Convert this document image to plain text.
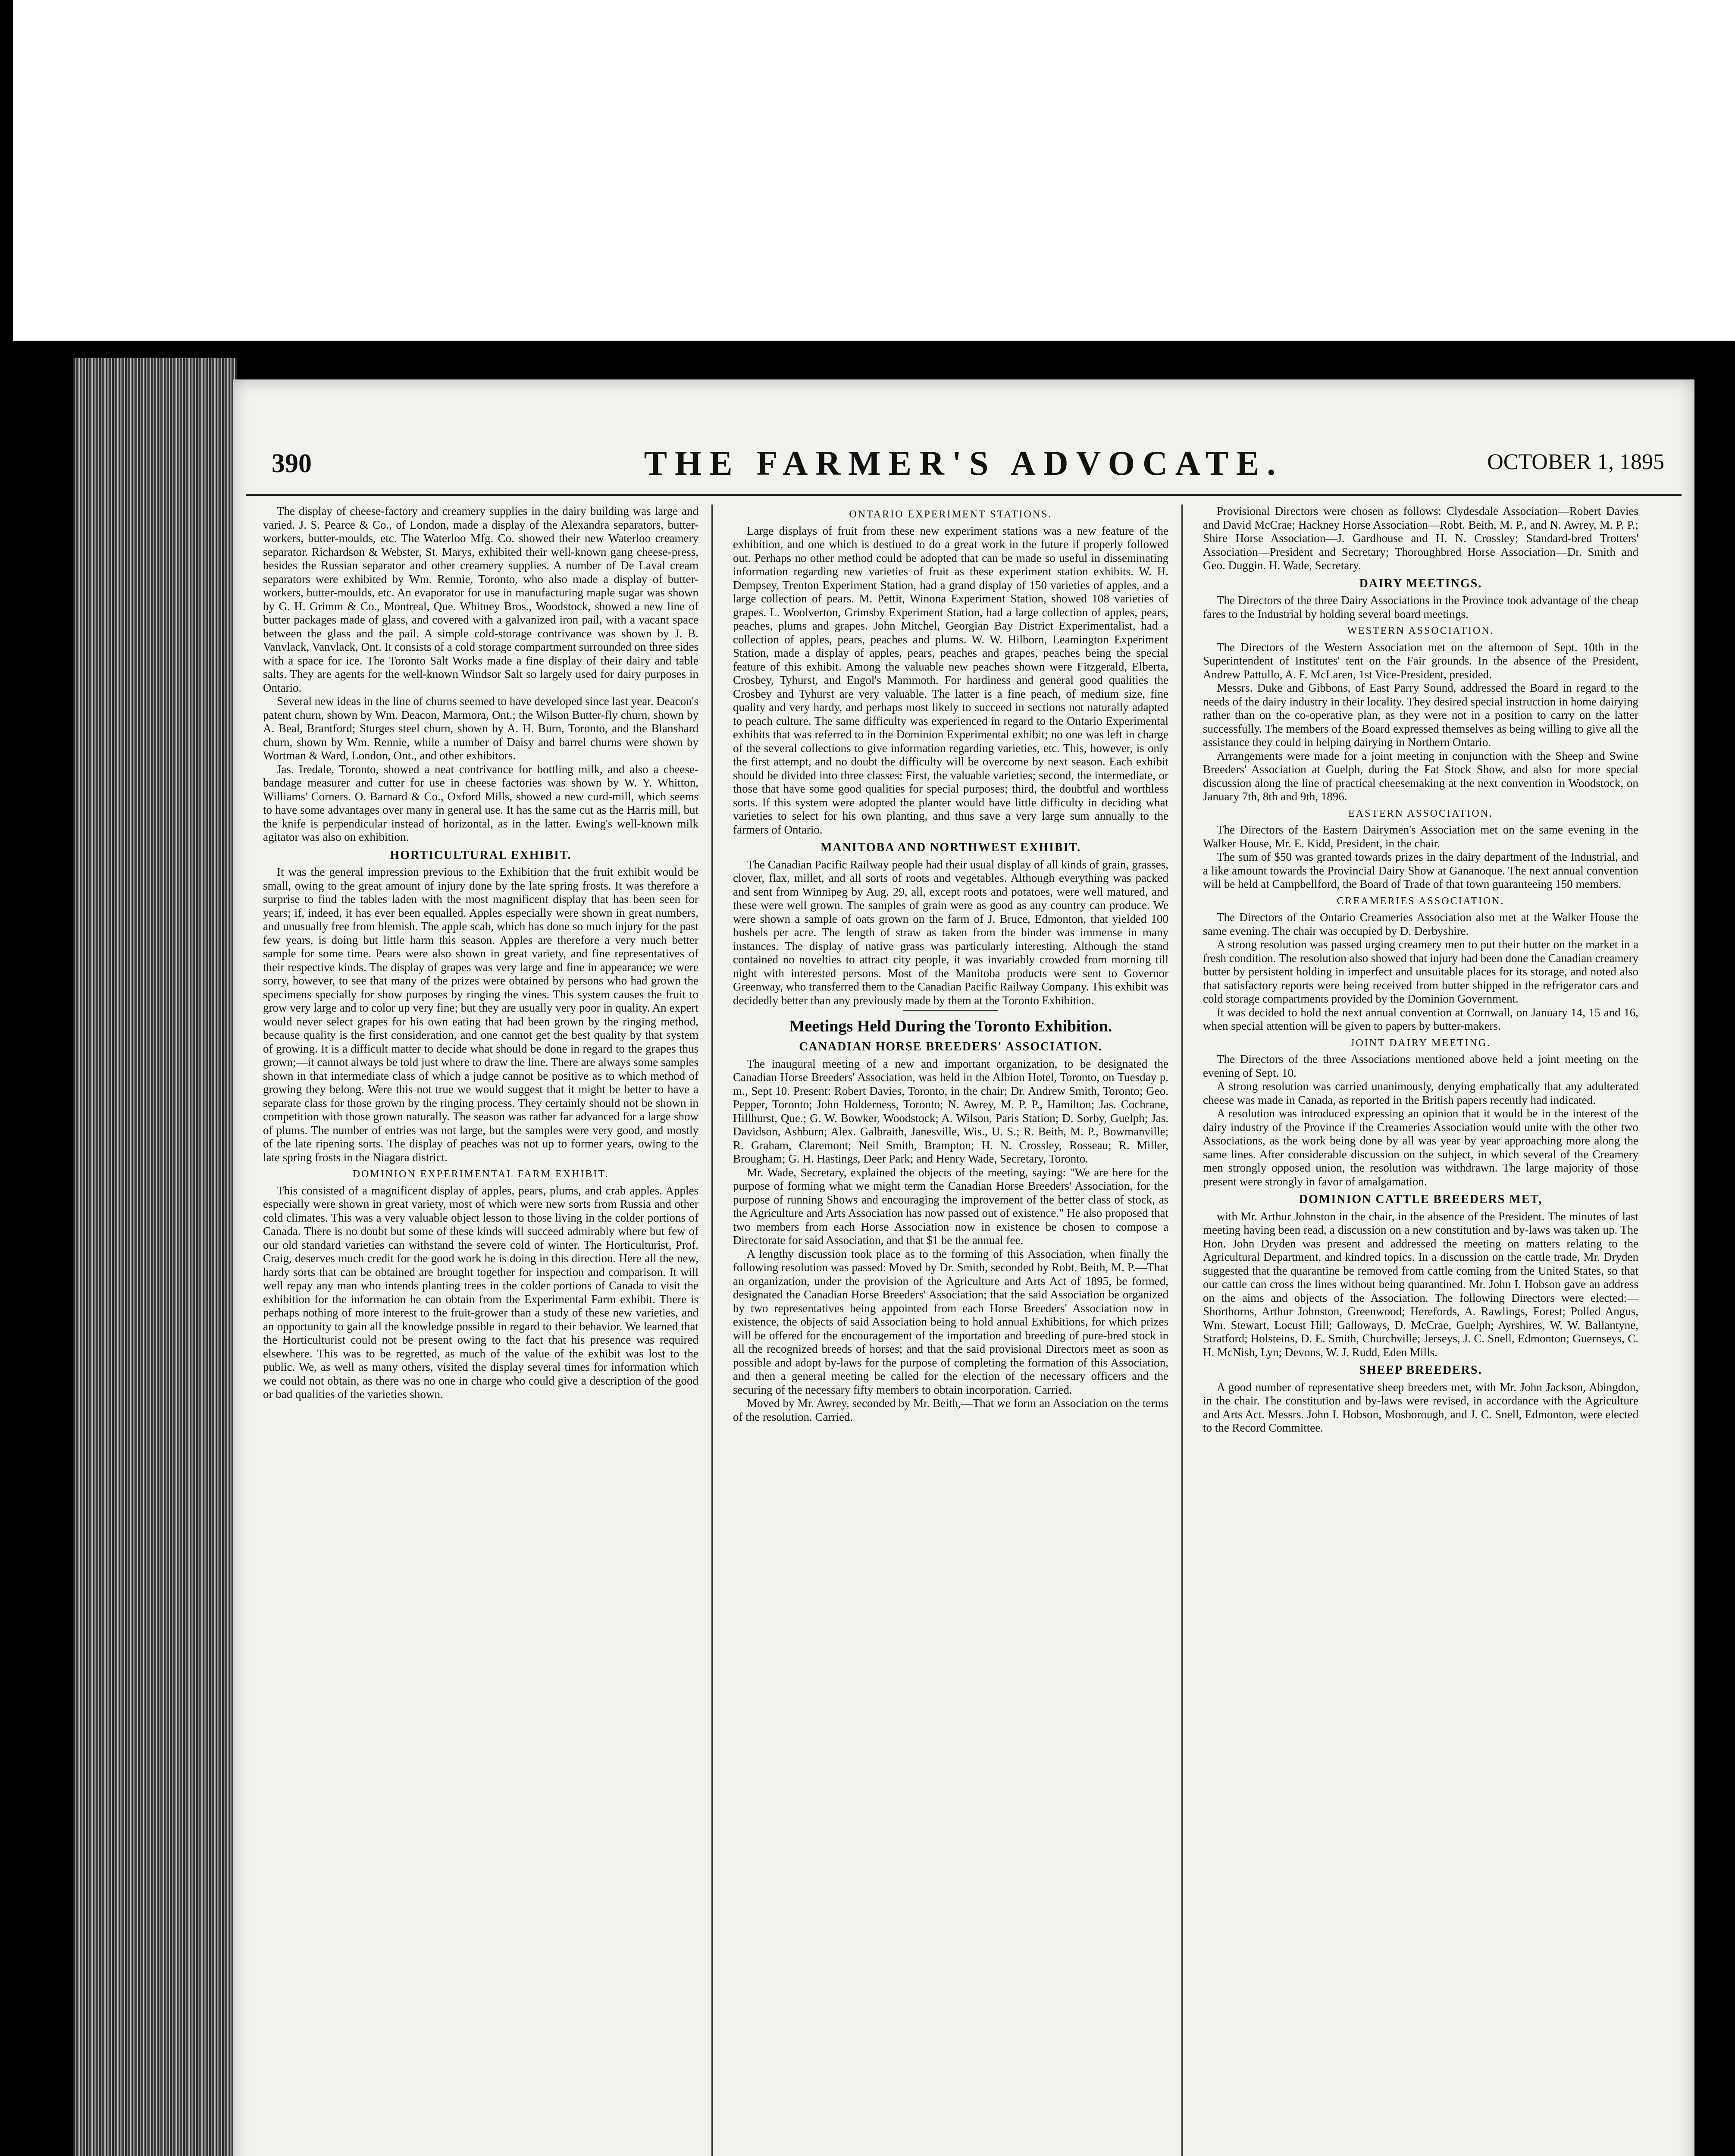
390	THE FARMER'S ADVOCATE.	OCTOBER 1, 1895

The display of cheese-factory and creamery supplies in the dairy building was large and varied. J. S. Pearce & Co., of London, made a display of the Alexandra separators, butter-workers, butter-moulds, etc. The Waterloo Mfg. Co. showed their new Waterloo creamery separator. Richardson & Webster, St. Marys, exhibited their well-known gang cheese-press, besides the Russian separator and other creamery supplies. A number of De Laval cream separators were exhibited by Wm. Rennie, Toronto, who also made a display of butter-workers, butter-moulds, etc. An evaporator for use in manufacturing maple sugar was shown by G. H. Grimm & Co., Montreal, Que. Whitney Bros., Woodstock, showed a new line of butter packages made of glass, and covered with a galvanized iron pail, with a vacant space between the glass and the pail. A simple cold-storage contrivance was shown by J. B. Vanvlack, Vanvlack, Ont. It consists of a cold storage compartment surrounded on three sides with a space for ice. The Toronto Salt Works made a fine display of their dairy and table salts. They are agents for the well-known Windsor Salt so largely used for dairy purposes in Ontario.

Several new ideas in the line of churns seemed to have developed since last year. Deacon's patent churn, shown by Wm. Deacon, Marmora, Ont.; the Wilson Butter-fly churn, shown by A. Beal, Brantford; Sturges steel churn, shown by A. H. Burn, Toronto, and the Blanshard churn, shown by Wm. Rennie, while a number of Daisy and barrel churns were shown by Wortman & Ward, London, Ont., and other exhibitors.

Jas. Iredale, Toronto, showed a neat contrivance for bottling milk, and also a cheese-bandage measurer and cutter for use in cheese factories was shown by W. Y. Whitton, Williams' Corners. O. Barnard & Co., Oxford Mills, showed a new curd-mill, which seems to have some advantages over many in general use. It has the same cut as the Harris mill, but the knife is perpendicular instead of horizontal, as in the latter. Ewing's well-known milk agitator was also on exhibition.

HORTICULTURAL EXHIBIT.

It was the general impression previous to the Exhibition that the fruit exhibit would be small, owing to the great amount of injury done by the late spring frosts. It was therefore a surprise to find the tables laden with the most magnificent display that has been seen for years; if, indeed, it has ever been equalled. Apples especially were shown in great numbers, and unusually free from blemish. The apple scab, which has done so much injury for the past few years, is doing but little harm this season. Apples are therefore a very much better sample for some time. Pears were also shown in great variety, and fine representatives of their respective kinds. The display of grapes was very large and fine in appearance; we were sorry, however, to see that many of the prizes were obtained by persons who had grown the specimens specially for show purposes by ringing the vines. This system causes the fruit to grow very large and to color up very fine; but they are usually very poor in quality. An expert would never select grapes for his own eating that had been grown by the ringing method, because quality is the first consideration, and one cannot get the best quality by that system of growing. It is a difficult matter to decide what should be done in regard to the grapes thus grown;—it cannot always be told just where to draw the line. There are always some samples shown in that intermediate class of which a judge cannot be positive as to which method of growing they belong. Were this not true we would suggest that it might be better to have a separate class for those grown by the ringing process. They certainly should not be shown in competition with those grown naturally. The season was rather far advanced for a large show of plums. The number of entries was not large, but the samples were very good, and mostly of the late ripening sorts. The display of peaches was not up to former years, owing to the late spring frosts in the Niagara district.

DOMINION EXPERIMENTAL FARM EXHIBIT.

This consisted of a magnificent display of apples, pears, plums, and crab apples. Apples especially were shown in great variety, most of which were new sorts from Russia and other cold climates. This was a very valuable object lesson to those living in the colder portions of Canada. There is no doubt but some of these kinds will succeed admirably where but few of our old standard varieties can withstand the severe cold of winter. The Horticulturist, Prof. Craig, deserves much credit for the good work he is doing in this direction. Here all the new, hardy sorts that can be obtained are brought together for inspection and comparison. It will well repay any man who intends planting trees in the colder portions of Canada to visit the exhibition for the information he can obtain from the Experimental Farm exhibit. There is perhaps nothing of more interest to the fruit-grower than a study of these new varieties, and an opportunity to gain all the knowledge possible in regard to their behavior. We learned that the Horticulturist could not be present owing to the fact that his presence was required elsewhere. This was to be regretted, as much of the value of the exhibit was lost to the public. We, as well as many others, visited the display several times for information which we could not obtain, as there was no one in charge who could give a description of the good or bad qualities of the varieties shown.

ONTARIO EXPERIMENT STATIONS.

Large displays of fruit from these new experiment stations was a new feature of the exhibition, and one which is destined to do a great work in the future if properly followed out. Perhaps no other method could be adopted that can be made so useful in disseminating information regarding new varieties of fruit as these experiment station exhibits. W. H. Dempsey, Trenton Experiment Station, had a grand display of 150 varieties of apples, and a large collection of pears. M. Pettit, Winona Experiment Station, showed 108 varieties of grapes. L. Woolverton, Grimsby Experiment Station, had a large collection of apples, pears, peaches, plums and grapes. John Mitchel, Georgian Bay District Experimentalist, had a collection of apples, pears, peaches and plums. W. W. Hilborn, Leamington Experiment Station, made a display of apples, pears, peaches and grapes, peaches being the special feature of this exhibit. Among the valuable new peaches shown were Fitzgerald, Elberta, Crosbey, Tyhurst, and Engol's Mammoth. For hardiness and general good qualities the Crosbey and Tyhurst are very valuable. The latter is a fine peach, of medium size, fine quality and very hardy, and perhaps most likely to succeed in sections not naturally adapted to peach culture. The same difficulty was experienced in regard to the Ontario Experimental exhibits that was referred to in the Dominion Experimental exhibit; no one was left in charge of the several collections to give information regarding varieties, etc. This, however, is only the first attempt, and no doubt the difficulty will be overcome by next season. Each exhibit should be divided into three classes: First, the valuable varieties; second, the intermediate, or those that have some good qualities for special purposes; third, the doubtful and worthless sorts. If this system were adopted the planter would have little difficulty in deciding what varieties to select for his own planting, and thus save a very large sum annually to the farmers of Ontario.

MANITOBA AND NORTHWEST EXHIBIT.

The Canadian Pacific Railway people had their usual display of all kinds of grain, grasses, clover, flax, millet, and all sorts of roots and vegetables. Although everything was packed and sent from Winnipeg by Aug. 29, all, except roots and potatoes, were well matured, and these were well grown. The samples of grain were as good as any country can produce. We were shown a sample of oats grown on the farm of J. Bruce, Edmonton, that yielded 100 bushels per acre. The length of straw as taken from the binder was immense in many instances. The display of native grass was particularly interesting. Although the stand contained no novelties to attract city people, it was invariably crowded from morning till night with interested persons. Most of the Manitoba products were sent to Governor Greenway, who transferred them to the Canadian Pacific Railway Company. This exhibit was decidedly better than any previously made by them at the Toronto Exhibition.

Meetings Held During the Toronto Exhibition.
CANADIAN HORSE BREEDERS' ASSOCIATION.

The inaugural meeting of a new and important organization, to be designated the Canadian Horse Breeders' Association, was held in the Albion Hotel, Toronto, on Tuesday p. m., Sept 10. Present: Robert Davies, Toronto, in the chair; Dr. Andrew Smith, Toronto; Geo. Pepper, Toronto; John Holderness, Toronto; N. Awrey, M. P. P., Hamilton; Jas. Cochrane, Hillhurst, Que.; G. W. Bowker, Woodstock; A. Wilson, Paris Station; D. Sorby, Guelph; Jas. Davidson, Ashburn; Alex. Galbraith, Janesville, Wis., U. S.; R. Beith, M. P., Bowmanville; R. Graham, Claremont; Neil Smith, Brampton; H. N. Crossley, Rosseau; R. Miller, Brougham; G. H. Hastings, Deer Park; and Henry Wade, Secretary, Toronto.

Mr. Wade, Secretary, explained the objects of the meeting, saying: "We are here for the purpose of forming what we might term the Canadian Horse Breeders' Association, for the purpose of running Shows and encouraging the improvement of the better class of stock, as the Agriculture and Arts Association has now passed out of existence." He also proposed that two members from each Horse Association now in existence be chosen to compose a Directorate for said Association, and that $1 be the annual fee.

A lengthy discussion took place as to the forming of this Association, when finally the following resolution was passed: Moved by Dr. Smith, seconded by Robt. Beith, M. P.—That an organization, under the provision of the Agriculture and Arts Act of 1895, be formed, designated the Canadian Horse Breeders' Association; that the said Association be organized by two representatives being appointed from each Horse Breeders' Association now in existence, the objects of said Association being to hold annual Exhibitions, for which prizes will be offered for the encouragement of the importation and breeding of pure-bred stock in all the recognized breeds of horses; and that the said provisional Directors meet as soon as possible and adopt by-laws for the purpose of completing the formation of this Association, and then a general meeting be called for the election of the necessary officers and the securing of the necessary fifty members to obtain incorporation. Carried.

Moved by Mr. Awrey, seconded by Mr. Beith,—That we form an Association on the terms of the resolution. Carried.

Provisional Directors were chosen as follows: Clydesdale Association—Robert Davies and David McCrae; Hackney Horse Association—Robt. Beith, M. P., and N. Awrey, M. P. P.; Shire Horse Association—J. Gardhouse and H. N. Crossley; Standard-bred Trotters' Association—President and Secretary; Thoroughbred Horse Association—Dr. Smith and Geo. Duggin. H. Wade, Secretary.

DAIRY MEETINGS.

The Directors of the three Dairy Associations in the Province took advantage of the cheap fares to the Industrial by holding several board meetings.

WESTERN ASSOCIATION.

The Directors of the Western Association met on the afternoon of Sept. 10th in the Superintendent of Institutes' tent on the Fair grounds. In the absence of the President, Andrew Pattullo, A. F. McLaren, 1st Vice-President, presided.

Messrs. Duke and Gibbons, of East Parry Sound, addressed the Board in regard to the needs of the dairy industry in their locality. They desired special instruction in home dairying rather than on the co-operative plan, as they were not in a position to carry on the latter successfully. The members of the Board expressed themselves as being willing to give all the assistance they could in helping dairying in Northern Ontario.

Arrangements were made for a joint meeting in conjunction with the Sheep and Swine Breeders' Association at Guelph, during the Fat Stock Show, and also for more special discussion along the line of practical cheesemaking at the next convention in Woodstock, on January 7th, 8th and 9th, 1896.

EASTERN ASSOCIATION.

The Directors of the Eastern Dairymen's Association met on the same evening in the Walker House, Mr. E. Kidd, President, in the chair.

The sum of $50 was granted towards prizes in the dairy department of the Industrial, and a like amount towards the Provincial Dairy Show at Gananoque. The next annual convention will be held at Campbellford, the Board of Trade of that town guaranteeing 150 members.

CREAMERIES ASSOCIATION.

The Directors of the Ontario Creameries Association also met at the Walker House the same evening. The chair was occupied by D. Derbyshire.

A strong resolution was passed urging creamery men to put their butter on the market in a fresh condition. The resolution also showed that injury had been done the Canadian creamery butter by persistent holding in imperfect and unsuitable places for its storage, and noted also that satisfactory reports were being received from butter shipped in the refrigerator cars and cold storage compartments provided by the Dominion Government.

It was decided to hold the next annual convention at Cornwall, on January 14, 15 and 16, when special attention will be given to papers by butter-makers.

JOINT DAIRY MEETING.

The Directors of the three Associations mentioned above held a joint meeting on the evening of Sept. 10.

A strong resolution was carried unanimously, denying emphatically that any adulterated cheese was made in Canada, as reported in the British papers recently had indicated.

A resolution was introduced expressing an opinion that it would be in the interest of the dairy industry of the Province if the Creameries Association would unite with the other two Associations, as the work being done by all was year by year approaching more along the same lines. After considerable discussion on the subject, in which several of the Creamery men strongly opposed union, the resolution was withdrawn. The large majority of those present were strongly in favor of amalgamation.

DOMINION CATTLE BREEDERS MET,

with Mr. Arthur Johnston in the chair, in the absence of the President. The minutes of last meeting having been read, a discussion on a new constitution and by-laws was taken up. The Hon. John Dryden was present and addressed the meeting on matters relating to the Agricultural Department, and kindred topics. In a discussion on the cattle trade, Mr. Dryden suggested that the quarantine be removed from cattle coming from the United States, so that our cattle can cross the lines without being quarantined. Mr. John I. Hobson gave an address on the aims and objects of the Association. The following Directors were elected:—Shorthorns, Arthur Johnston, Greenwood; Herefords, A. Rawlings, Forest; Polled Angus, Wm. Stewart, Locust Hill; Galloways, D. McCrae, Guelph; Ayrshires, W. W. Ballantyne, Stratford; Holsteins, D. E. Smith, Churchville; Jerseys, J. C. Snell, Edmonton; Guernseys, C. H. McNish, Lyn; Devons, W. J. Rudd, Eden Mills.

SHEEP BREEDERS.

A good number of representative sheep breeders met, with Mr. John Jackson, Abingdon, in the chair. The constitution and by-laws were revised, in accordance with the Agriculture and Arts Act. Messrs. John I. Hobson, Mosborough, and J. C. Snell, Edmonton, were elected to the Record Committee.
